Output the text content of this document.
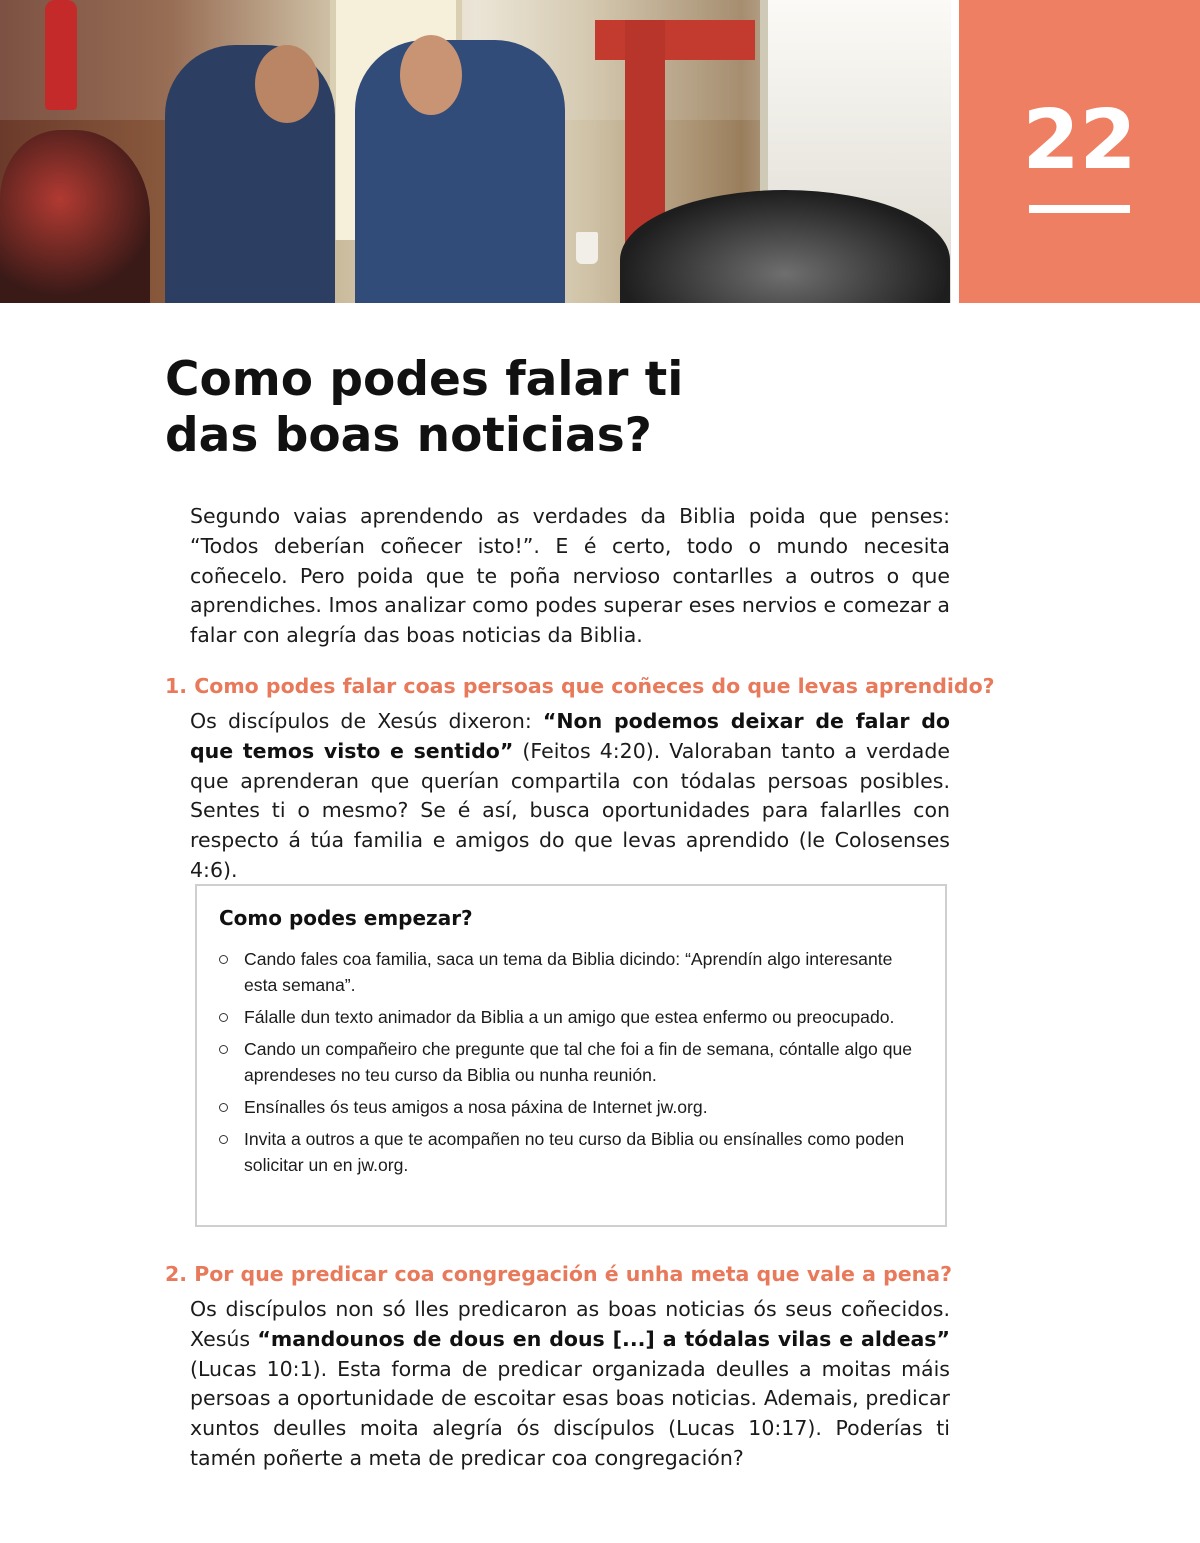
22
Como podes falar ti
das boas noticias?

Segundo vaias aprendendo as verdades da Biblia poida que penses: “Todos deberían coñecer isto!”. E é certo, todo o mundo necesita coñecelo. Pero poida que te poña nervioso contarlles a outros o que aprendiches. Imos analizar como podes superar eses nervios e comezar a falar con alegría das boas noticias da Biblia.

1. Como podes falar coas persoas que coñeces do que levas aprendido?

Os discípulos de Xesús dixeron: “Non podemos deixar de falar do que temos visto e sentido” (Feitos 4:20). Valoraban tanto a verdade que aprenderan que querían compartila con tódalas persoas posibles. Sentes ti o mesmo? Se é así, busca oportunidades para falarlles con respecto á túa familia e amigos do que levas aprendido (le Colosenses 4:6).

Como podes empezar?
Cando fales coa familia, saca un tema da Biblia dicindo: “Aprendín algo interesante esta semana”.
Fálalle dun texto animador da Biblia a un amigo que estea enfermo ou preocupado.
Cando un compañeiro che pregunte que tal che foi a fin de semana, cóntalle algo que aprendeses no teu curso da Biblia ou nunha reunión.
Ensínalles ós teus amigos a nosa páxina de Internet jw.org.
Invita a outros a que te acompañen no teu curso da Biblia ou ensínalles como poden solicitar un en jw.org.

2. Por que predicar coa congregación é unha meta que vale a pena?

Os discípulos non só lles predicaron as boas noticias ós seus coñecidos. Xesús “mandounos de dous en dous [...] a tódalas vilas e aldeas” (Lucas 10:1). Esta forma de predicar organizada deulles a moitas máis persoas a oportunidade de escoitar esas boas noticias. Ademais, predicar xuntos deulles moita alegría ós discípulos (Lucas 10:17). Poderías ti tamén poñerte a meta de predicar coa congregación?
